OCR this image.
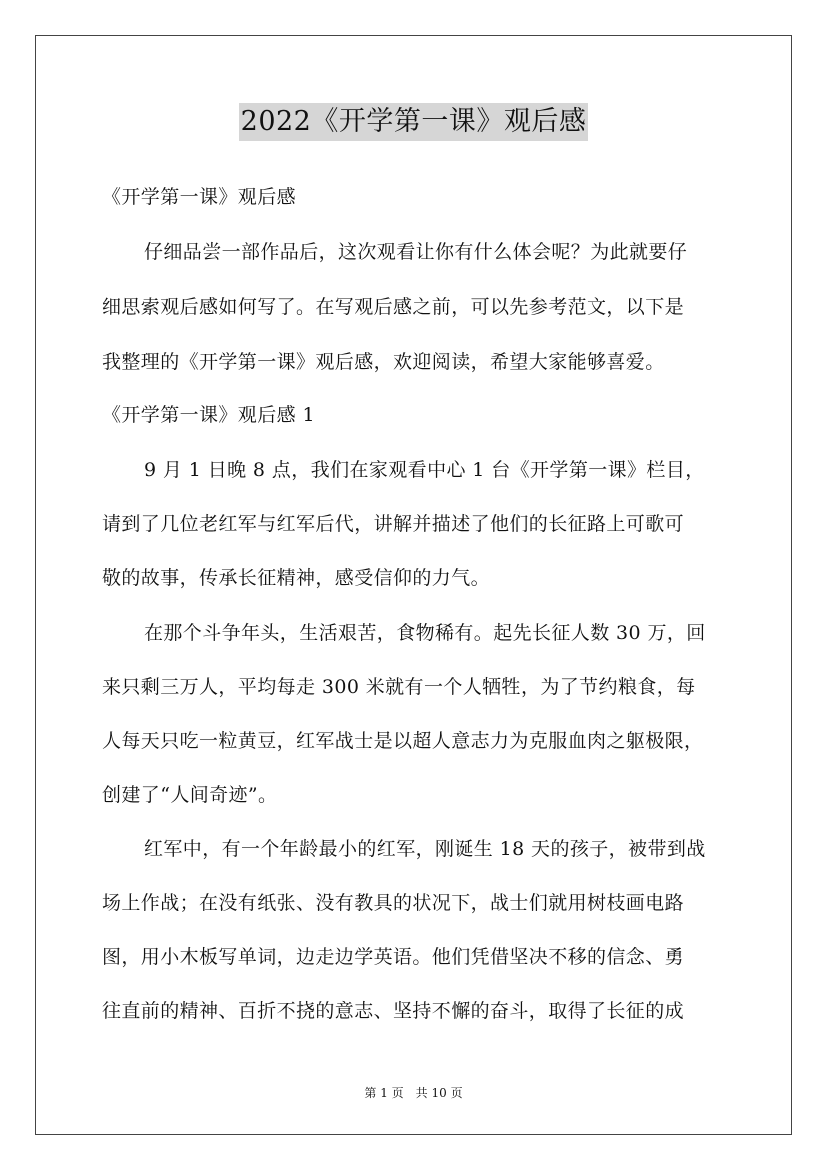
2022《开学第一课》观后感
《开学第一课》观后感
仔细品尝一部作品后，这次观看让你有什么体会呢？为此就要仔
细思索观后感如何写了。在写观后感之前，可以先参考范文，以下是
我整理的《开学第一课》观后感，欢迎阅读，希望大家能够喜爱。
《开学第一课》观后感 1
9 月 1 日晚 8 点，我们在家观看中心 1 台《开学第一课》栏目，
请到了几位老红军与红军后代，讲解并描述了他们的长征路上可歌可
敬的故事，传承长征精神，感受信仰的力气。
在那个斗争年头，生活艰苦，食物稀有。起先长征人数 30 万，回
来只剩三万人，平均每走 300 米就有一个人牺牲，为了节约粮食，每
人每天只吃一粒黄豆，红军战士是以超人意志力为克服血肉之躯极限，
创建了“人间奇迹”。
红军中，有一个年龄最小的红军，刚诞生 18 天的孩子，被带到战
场上作战；在没有纸张、没有教具的状况下，战士们就用树枝画电路
图，用小木板写单词，边走边学英语。他们凭借坚决不移的信念、勇
往直前的精神、百折不挠的意志、坚持不懈的奋斗，取得了长征的成
第 1 页　共 10 页
